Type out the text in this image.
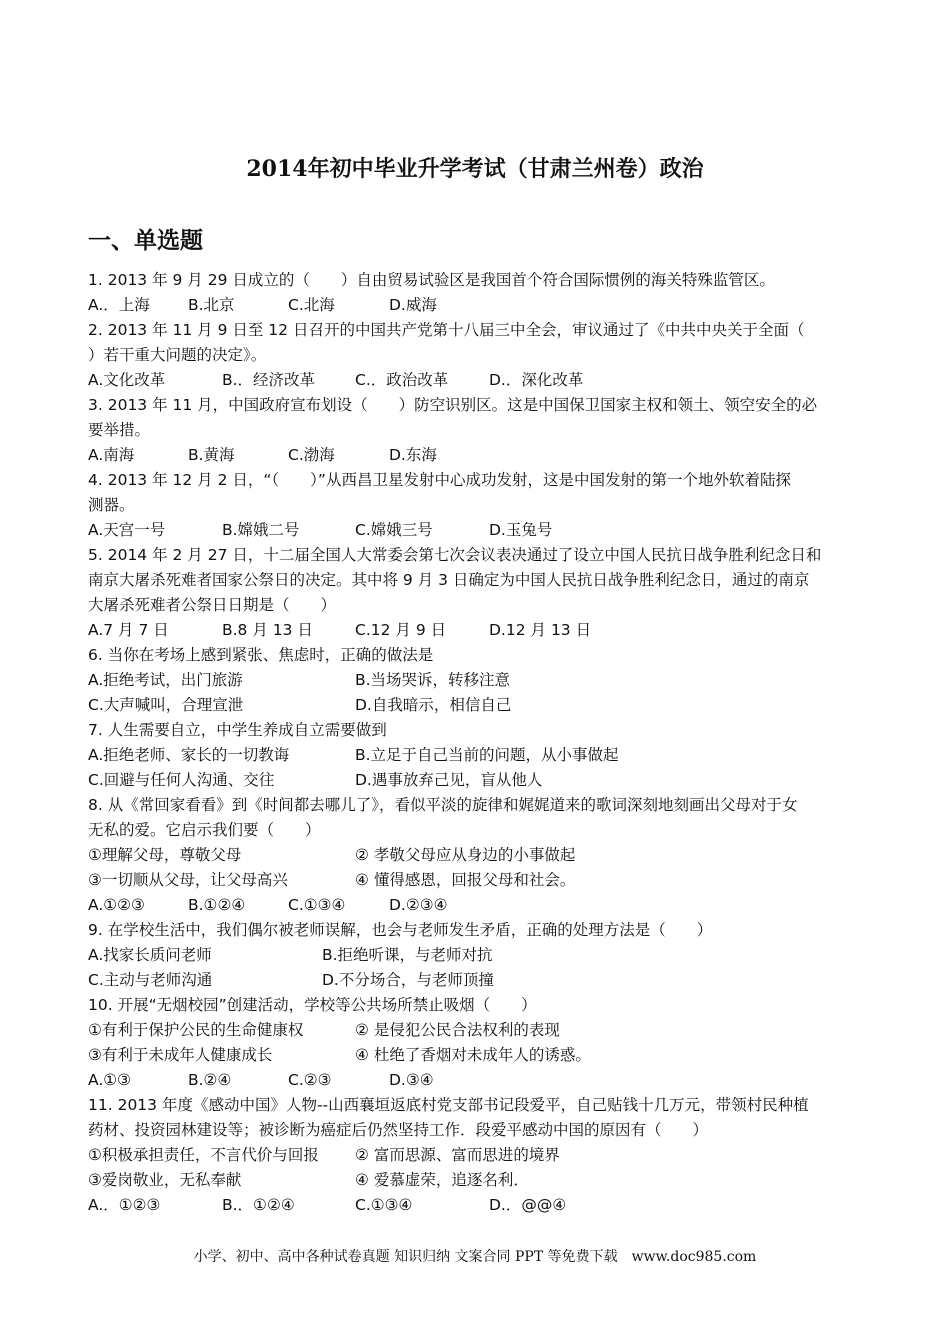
2014年初中毕业升学考试（甘肃兰州卷）政治
一、单选题
1. 2013 年 9 月 29 日成立的（　　）自由贸易试验区是我国首个符合国际惯例的海关特殊监管区。
A.．上海 B.北京	C.北海	D.威海
2. 2013 年 11 月 9 日至 12 日召开的中国共产党第十八届三中全会，审议通过了《中共中央关于全面（
）若干重大问题的决定》。
A.文化改革	B.．经济改革	C.．政治改革	D.．深化改革
3. 2013 年 11 月，中国政府宣布划设（　　）防空识别区。这是中国保卫国家主权和领土、领空安全的必
要举措。
A.南海	B.黄海	C.渤海	D.东海
4. 2013 年 12 月 2 日，“（　　）”从西昌卫星发射中心成功发射，这是中国发射的第一个地外软着陆探
测器。
A.天宫一号	B.嫦娥二号	C.嫦娥三号	D.玉兔号
5. 2014 年 2 月 27 日，十二届全国人大常委会第七次会议表决通过了设立中国人民抗日战争胜利纪念日和
南京大屠杀死难者国家公祭日的决定。其中将 9 月 3 日确定为中国人民抗日战争胜利纪念日，通过的南京
大屠杀死难者公祭日日期是（　　）
A.7 月 7 日	B.8 月 13 日	C.12 月 9 日	D.12 月 13 日
6. 当你在考场上感到紧张、焦虑时，正确的做法是
A.拒绝考试，出门旅游	B.当场哭诉，转移注意
C.大声喊叫，合理宣泄	D.自我暗示，相信自己
7. 人生需要自立，中学生养成自立需要做到
A.拒绝老师、家长的一切教诲	B.立足于自己当前的问题，从小事做起
C.回避与任何人沟通、交往	D.遇事放弃己见，盲从他人
8. 从《常回家看看》到《时间都去哪儿了》，看似平淡的旋律和娓娓道来的歌词深刻地刻画出父母对于女
无私的爱。它启示我们要（　　）
①理解父母，尊敬父母	② 孝敬父母应从身边的小事做起
③一切顺从父母，让父母高兴	④ 懂得感恩，回报父母和社会。
A.①②③	B.①②④	C.①③④	D.②③④
9. 在学校生活中，我们偶尔被老师误解，也会与老师发生矛盾，正确的处理方法是（　　）
A.找家长质问老师	B.拒绝听课，与老师对抗
C.主动与老师沟通	D.不分场合，与老师顶撞
10. 开展“无烟校园”创建活动，学校等公共场所禁止吸烟（　　）
①有利于保护公民的生命健康权	② 是侵犯公民合法权利的表现
③有利于未成年人健康成长	④ 杜绝了香烟对未成年人的诱惑。
A.①③	B.②④	C.②③	D.③④
11. 2013 年度《感动中国》人物--山西襄垣返底村党支部书记段爱平，自己贴钱十几万元，带领村民种植
药材、投资园林建设等；被诊断为癌症后仍然坚持工作．段爱平感动中国的原因有（　　）
①积极承担责任，不言代价与回报 ② 富而思源、富而思进的境界
③爱岗敬业，无私奉献	④ 爱慕虚荣，追逐名利．
A.．①②③	B.．①②④	C.①③④	D.．@@④
小学、初中、高中各种试卷真题 知识归纳 文案合同 PPT 等免费下载　www.doc985.com
